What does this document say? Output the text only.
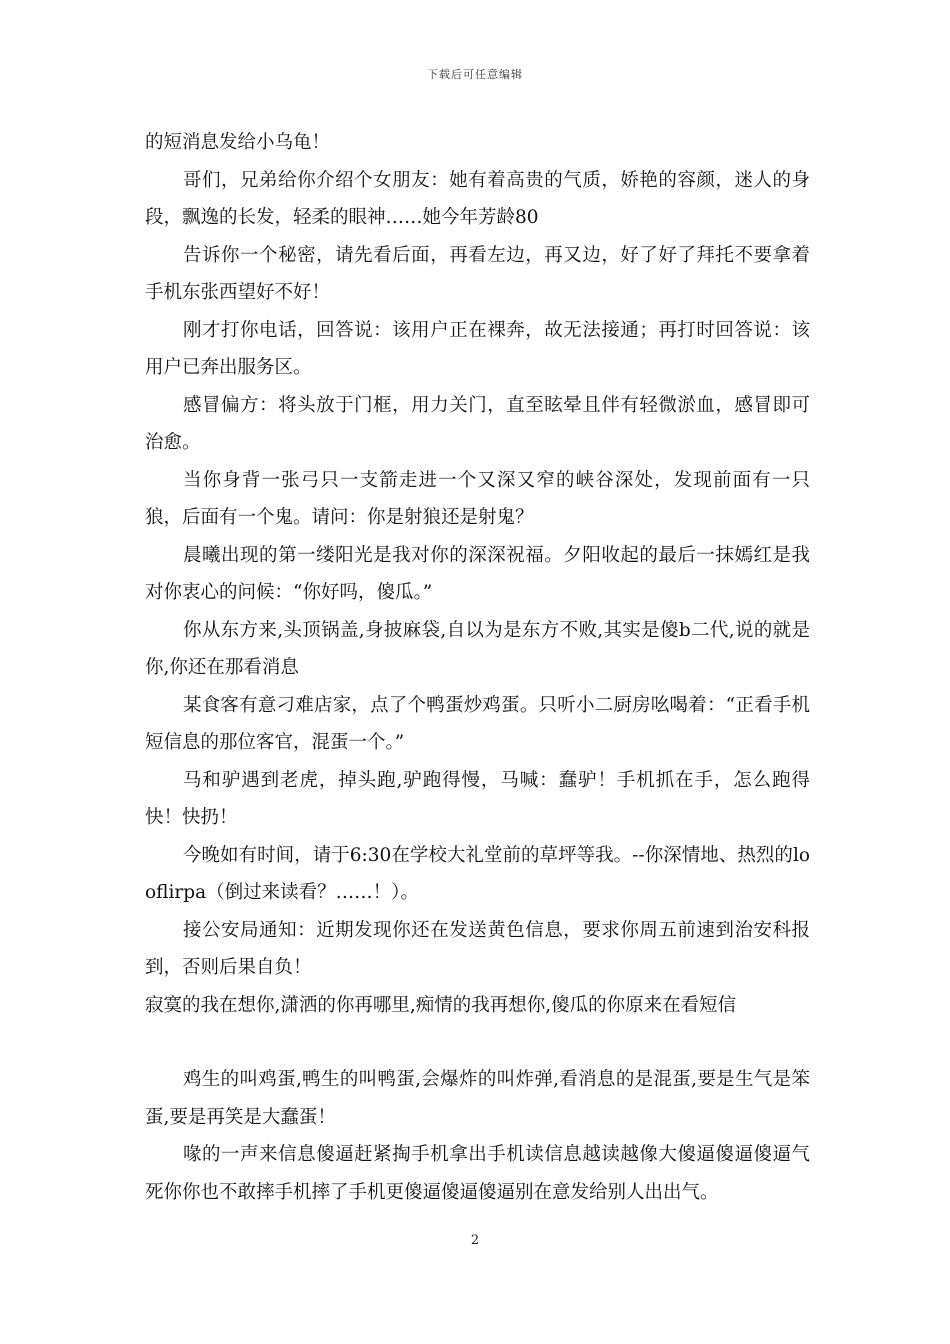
下载后可任意编辑

的短消息发给小乌龟！

哥们，兄弟给你介绍个女朋友：她有着高贵的气质，娇艳的容颜，迷人的身段，飘逸的长发，轻柔的眼神……她今年芳龄80

告诉你一个秘密，请先看后面，再看左边，再又边，好了好了拜托不要拿着手机东张西望好不好！

刚才打你电话，回答说：该用户正在裸奔，故无法接通；再打时回答说：该用户已奔出服务区。

感冒偏方：将头放于门框，用力关门，直至眩晕且伴有轻微淤血，感冒即可治愈。

当你身背一张弓只一支箭走进一个又深又窄的峡谷深处，发现前面有一只狼，后面有一个鬼。请问：你是射狼还是射鬼？

晨曦出现的第一缕阳光是我对你的深深祝福。夕阳收起的最后一抹嫣红是我对你衷心的问候：“你好吗，傻瓜。”

你从东方来,头顶锅盖,身披麻袋,自以为是东方不败,其实是傻b二代,说的就是你,你还在那看消息

某食客有意刁难店家，点了个鸭蛋炒鸡蛋。只听小二厨房吆喝着：“正看手机短信息的那位客官，混蛋一个。”

马和驴遇到老虎，掉头跑,驴跑得慢，马喊：蠢驴！手机抓在手，怎么跑得快！快扔！

今晚如有时间，请于6:30在学校大礼堂前的草坪等我。--你深情地、热烈的looflirpa（倒过来读看？……！）。

接公安局通知：近期发现你还在发送黄色信息，要求你周五前速到治安科报到，否则后果自负！

寂寞的我在想你,潇洒的你再哪里,痴情的我再想你,傻瓜的你原来在看短信

鸡生的叫鸡蛋,鸭生的叫鸭蛋,会爆炸的叫炸弹,看消息的是混蛋,要是生气是笨蛋,要是再笑是大蠢蛋！

喙的一声来信息傻逼赶紧掏手机拿出手机读信息越读越像大傻逼傻逼傻逼气死你你也不敢摔手机摔了手机更傻逼傻逼傻逼别在意发给别人出出气。

2
